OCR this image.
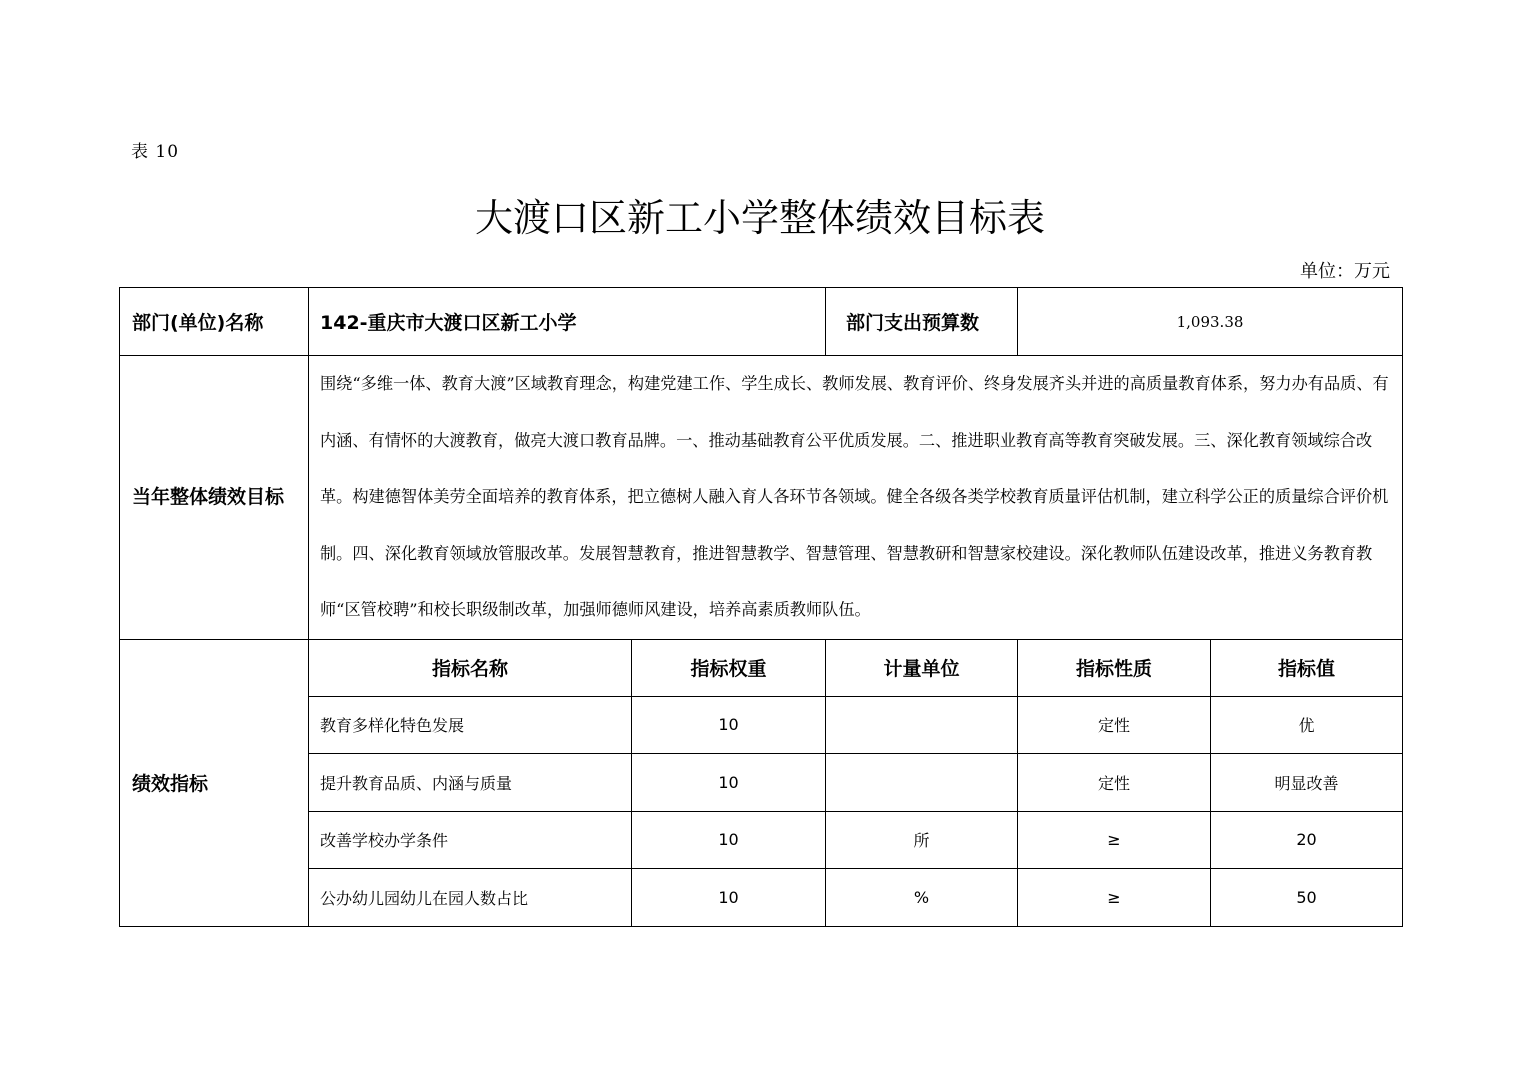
表 10
大渡口区新工小学整体绩效目标表
单位：万元
部门(单位)名称	142-重庆市大渡口区新工小学		部门支出预算数	1,093.38	
当年整体绩效目标	围绕“多维一体、教育大渡”区域教育理念，构建党建工作、学生成长、教师发展、教育评价、终身发展齐头并进的高质量教育体系，努力办有品质、有内涵、有情怀的大渡教育，做亮大渡口教育品牌。一、推动基础教育公平优质发展。二、推进职业教育高等教育突破发展。三、深化教育领域综合改革。构建德智体美劳全面培养的教育体系，把立德树人融入育人各环节各领域。健全各级各类学校教育质量评估机制，建立科学公正的质量综合评价机制。四、深化教育领域放管服改革。发展智慧教育，推进智慧教学、智慧管理、智慧教研和智慧家校建设。深化教师队伍建设改革，推进义务教育教师“区管校聘”和校长职级制改革，加强师德师风建设，培养高素质教师队伍。				
绩效指标	指标名称	指标权重	计量单位	指标性质	指标值
	教育多样化特色发展	10		定性	优
	提升教育品质、内涵与质量	10		定性	明显改善
	改善学校办学条件	10	所	≥	20
	公办幼儿园幼儿在园人数占比	10	%	≥	50
